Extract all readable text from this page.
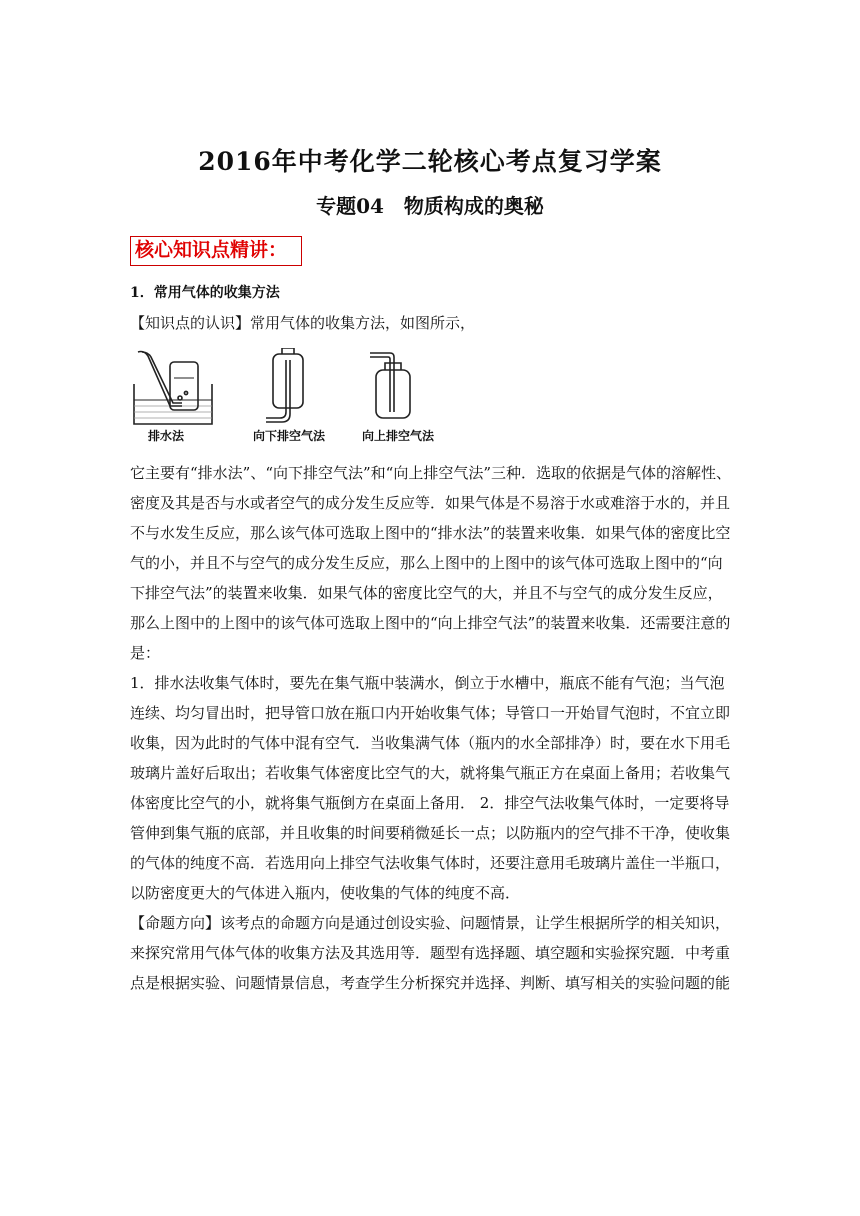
2016年中考化学二轮核心考点复习学案
专题04　物质构成的奥秘
核心知识点精讲：
1．常用气体的收集方法
【知识点的认识】常用气体的收集方法，如图所示，
排水法	向下排空气法	向上排空气法
它主要有“排水法”、“向下排空气法”和“向上排空气法”三种．选取的依据是气体的溶解性、
密度及其是否与水或者空气的成分发生反应等．如果气体是不易溶于水或难溶于水的，并且
不与水发生反应，那么该气体可选取上图中的“排水法”的装置来收集．如果气体的密度比空
气的小，并且不与空气的成分发生反应，那么上图中的上图中的该气体可选取上图中的“向
下排空气法”的装置来收集．如果气体的密度比空气的大，并且不与空气的成分发生反应，
那么上图中的上图中的该气体可选取上图中的“向上排空气法”的装置来收集．还需要注意的
是：
1．排水法收集气体时，要先在集气瓶中装满水，倒立于水槽中，瓶底不能有气泡；当气泡
连续、均匀冒出时，把导管口放在瓶口内开始收集气体；导管口一开始冒气泡时，不宜立即
收集，因为此时的气体中混有空气．当收集满气体（瓶内的水全部排净）时，要在水下用毛
玻璃片盖好后取出；若收集气体密度比空气的大，就将集气瓶正方在桌面上备用；若收集气
体密度比空气的小，就将集气瓶倒方在桌面上备用． 2．排空气法收集气体时，一定要将导
管伸到集气瓶的底部，并且收集的时间要稍微延长一点；以防瓶内的空气排不干净，使收集
的气体的纯度不高．若选用向上排空气法收集气体时，还要注意用毛玻璃片盖住一半瓶口，
以防密度更大的气体进入瓶内，使收集的气体的纯度不高．
【命题方向】该考点的命题方向是通过创设实验、问题情景，让学生根据所学的相关知识，
来探究常用气体气体的收集方法及其选用等．题型有选择题、填空题和实验探究题．中考重
点是根据实验、问题情景信息，考查学生分析探究并选择、判断、填写相关的实验问题的能
